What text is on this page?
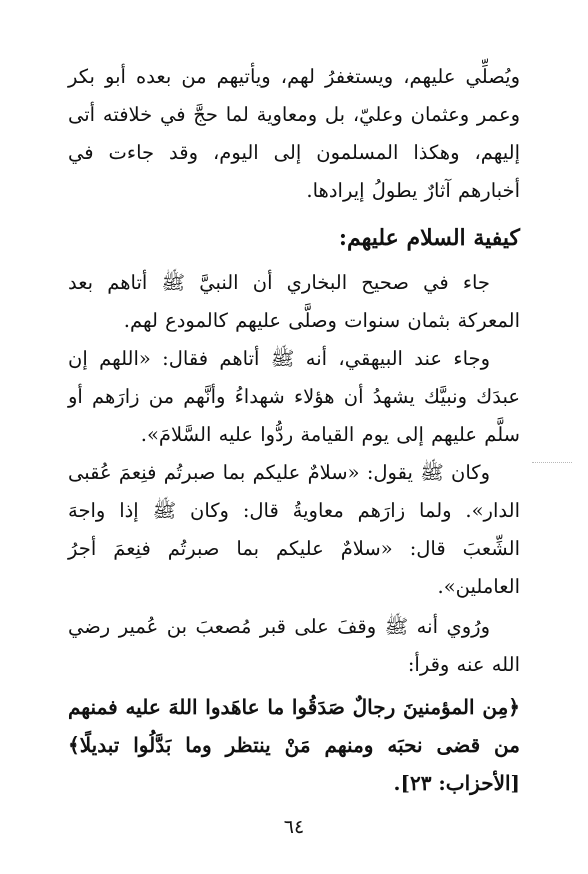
ويُصلِّي عليهم، ويستغفرُ لهم، ويأتيهم من بعده أبو بكر وعمر وعثمان وعليّ، بل ومعاوية لما حجَّ في خلافته أتى إليهم، وهكذا المسلمون إلى اليوم، وقد جاءت في أخبارهم آثارٌ يطولُ إيرادها.

كيفية السلام عليهم:

جاء في صحيح البخاري أن النبيَّ ﷺ أتاهم بعد المعركة بثمان سنوات وصلَّى عليهم كالمودع لهم.

وجاء عند البيهقي، أنه ﷺ أتاهم فقال: «اللهم إن عبدَك ونبيَّك يشهدُ أن هؤلاء شهداءُ وأنَّهم من زارَهم أو سلَّم عليهم إلى يوم القيامة ردُّوا عليه السَّلامَ».

وكان ﷺ يقول: «سلامٌ عليكم بما صبرتُم فنِعمَ عُقبى الدار». ولما زارَهم معاويةُ قال: وكان ﷺ إذا واجهَ الشِّعبَ قال: «سلامٌ عليكم بما صبرتُم فنِعمَ أجرُ العاملين».

ورُوي أنه ﷺ وقفَ على قبر مُصعبَ بن عُمير رضي الله عنه وقرأ:

﴿مِن المؤمنينَ رجالٌ صَدَقُوا ما عاهَدوا اللهَ عليه فمنهم من قضى نحبَه ومنهم مَنْ ينتظر وما بَدَّلُوا تبديلًا﴾ [الأحزاب: ٢٣].

٦٤
